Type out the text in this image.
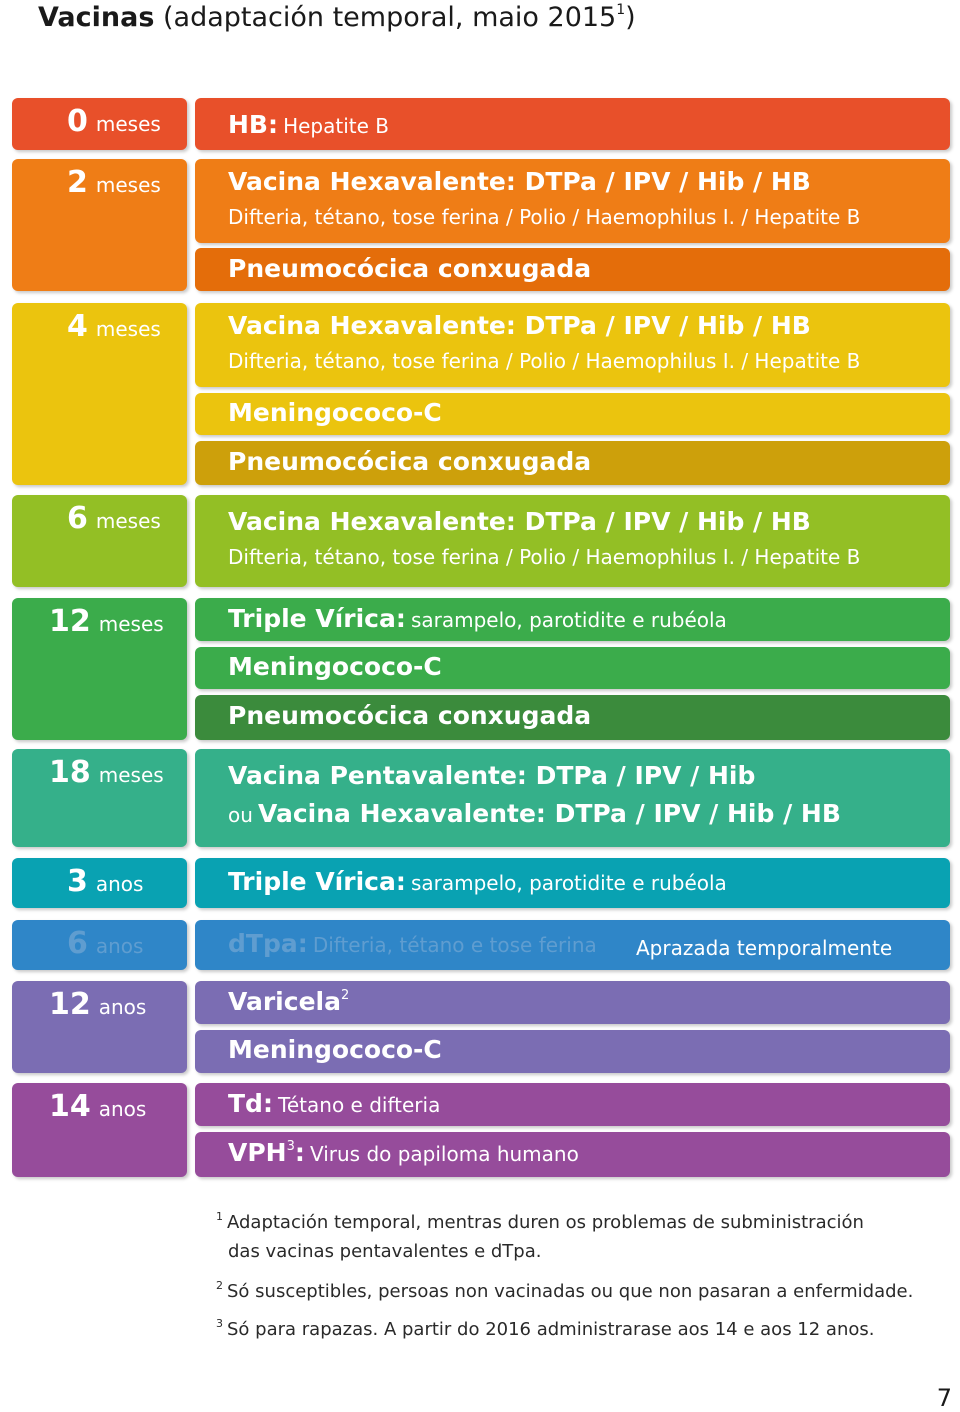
Vacinas (adaptación temporal, maio 2015$^1$)
0 meses
2 meses
4 meses
6 meses
12 meses
18 meses
3 anos
6 anos
12 anos
14 anos
HB: Hepatite B
Vacina Hexavalente: DTPa / IPV / Hib / HB
Difteria, tétano, tose ferina / Polio / Haemophilus I. / Hepatite B
Pneumocócica conxugada
Vacina Hexavalente: DTPa / IPV / Hib / HB
Difteria, tétano, tose ferina / Polio / Haemophilus I. / Hepatite B
Meningococo-C
Pneumocócica conxugada
Vacina Hexavalente: DTPa / IPV / Hib / HB
Difteria, tétano, tose ferina / Polio / Haemophilus I. / Hepatite B
Triple Vírica: sarampelo, parotidite e rubéola
Meningococo-C
Pneumocócica conxugada
Vacina Pentavalente: DTPa / IPV / Hib
ou Vacina Hexavalente: DTPa / IPV / Hib / HB
Triple Vírica: sarampelo, parotidite e rubéola
dTpa: Difteria, tétano e tose ferina Aprazada temporalmente
Varicela$^2$
Meningococo-C
Td: Tétano e difteria
VPH$^3$: Virus do papiloma humano
$^1$ Adaptación temporal, mentras duren os problemas de subministración
das vacinas pentavalentes e dTpa.
$^2$ Só susceptibles, persoas non vacinadas ou que non pasaran a enfermidade.
$^3$ Só para rapazas. A partir do 2016 administrarase aos 14 e aos 12 anos.
7
